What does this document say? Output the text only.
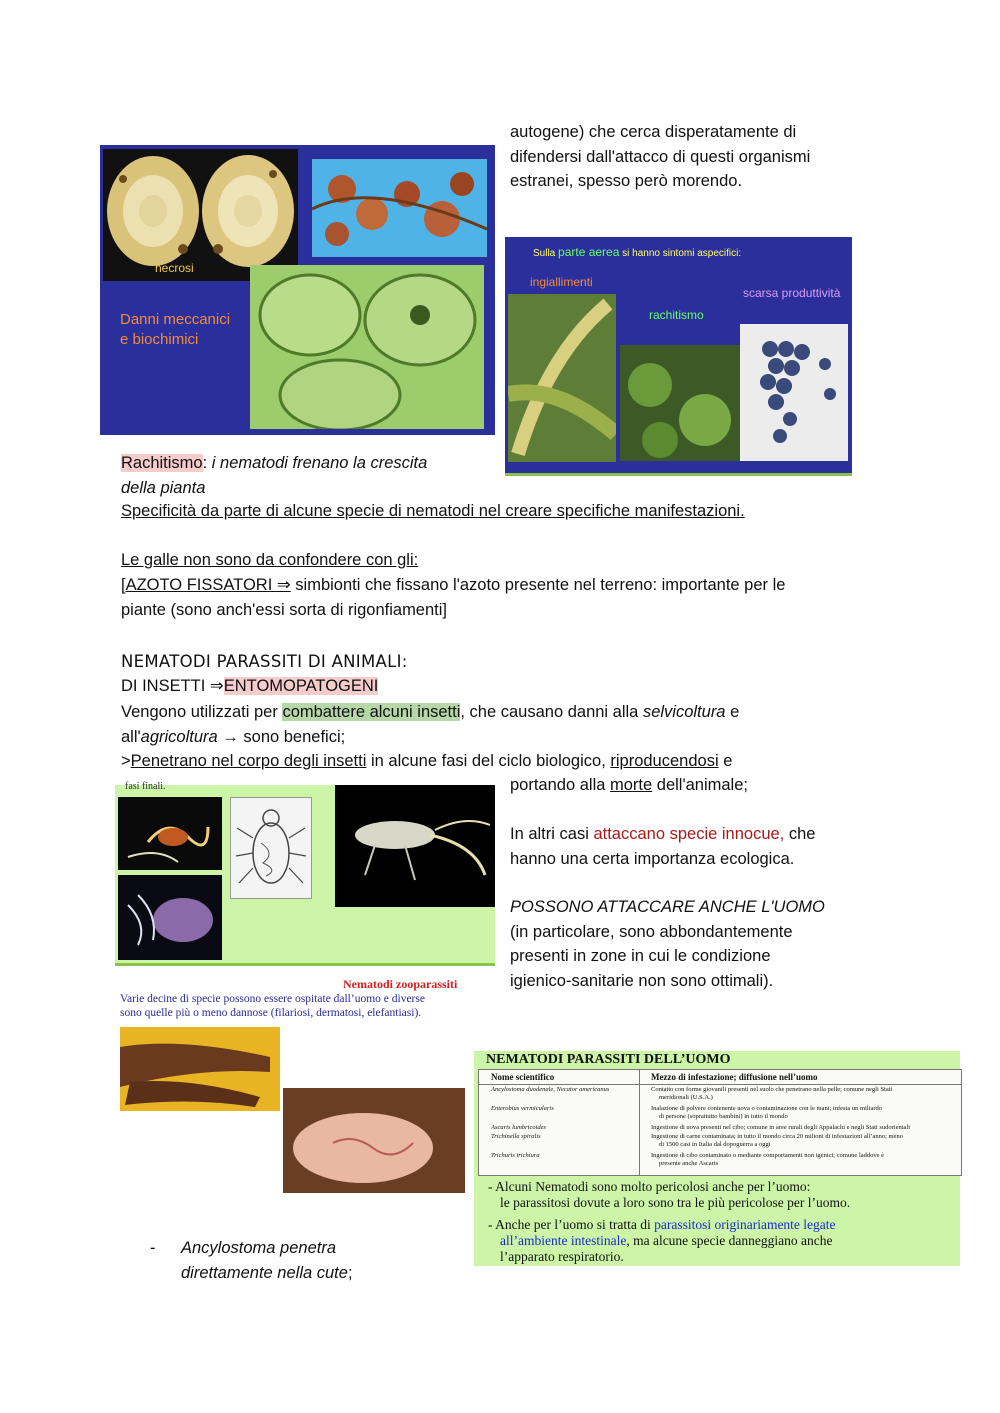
autogene) che cerca disperatamente di
difendersi dall'attacco di questi organismi
estranei, spesso però morendo.
necrosi
Danni meccanici
e biochimici
Sulla parte aerea si hanno sintomi aspecifici:
ingiallimenti
rachitismo
scarsa produttività
Rachitismo: i nematodi frenano la crescita
della pianta
Specificità da parte di alcune specie di nematodi nel creare specifiche manifestazioni.
Le galle non sono da confondere con gli:
[AZOTO FISSATORI ⇒ simbionti che fissano l'azoto presente nel terreno: importante per le
piante (sono anch'essi sorta di rigonfiamenti]
NEMATODI PARASSITI DI ANIMALI:
DI INSETTI ⇒ENTOMOPATOGENI
Vengono utilizzati per combattere alcuni insetti, che causano danni alla selvicoltura e
all'agricoltura → sono benefici;
>Penetrano nel corpo degli insetti in alcune fasi del ciclo biologico, riproducendosi e
portando alla morte dell'animale;
fasi finali.
In altri casi attaccano specie innocue, che
hanno una certa importanza ecologica.
POSSONO ATTACCARE ANCHE L'UOMO
(in particolare, sono abbondantemente
presenti in zone in cui le condizione
igienico-sanitarie non sono ottimali).
Nematodi zooparassiti
Varie decine di specie possono essere ospitate dall’uomo e diverse
sono quelle più o meno dannose (filariosi, dermatosi, elefantiasi).
NEMATODI PARASSITI DELL’UOMO
Nome scientifico	Mezzo di infestazione; diffusione nell’uomo
Ancylostoma duodenale, Necator americanus	Contatto con forme giovanili presenti nel suolo che penetrano nella pelle; comune negli Stati
meridionali (U.S.A.)
Enterobius vermicularis	Inalazione di polvere contenente uova o contaminazione con le mani; infesta un miliardo
di persone (soprattutto bambini) in tutto il mondo
Ascaris lumbricoides	Ingestione di uova presenti nel cibo; comune in aree rurali degli Appalachi e negli Stati sudorientali
Trichinella spiralis	Ingestione di carne contaminata; in tutto il mondo circa 20 milioni di infestazioni all’anno; meno
di 1500 casi in Italia dal dopoguerra a oggi
Trichuris trichiura	Ingestione di cibo contaminato o mediante comportamenti non igenici; comune laddove è
presente anche Ascaris
- Alcuni Nematodi sono molto pericolosi anche per l’uomo:
le parassitosi dovute a loro sono tra le più pericolose per l’uomo.
- Anche per l’uomo si tratta di parassitosi originariamente legate
all’ambiente intestinale, ma alcune specie danneggiano anche
l’apparato respiratorio.
- Ancylostoma penetra
direttamente nella cute;
